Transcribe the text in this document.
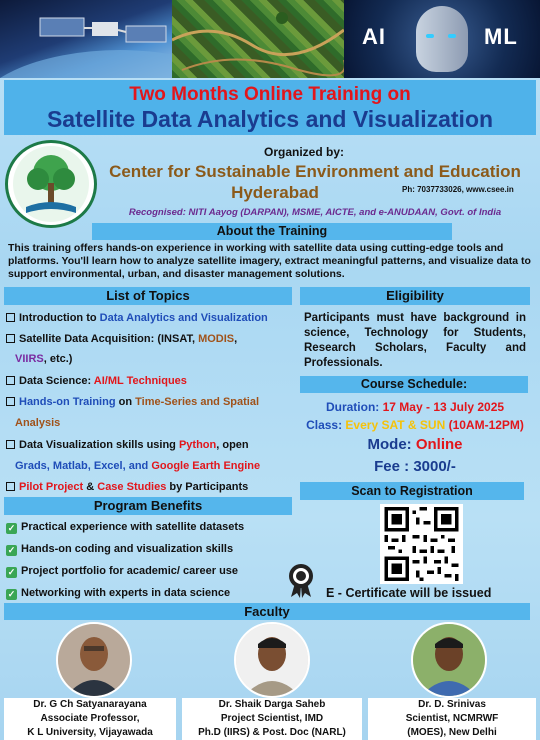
AI	ML
Two Months Online Training on
Satellite Data Analytics and Visualization
Organized by:
Center for Sustainable Environment and Education
Hyderabad	Ph: 7037733026, www.csee.in
Recognised: NITI Aayog (DARPAN), MSME, AICTE, and e-ANUDAAN, Govt. of India
About the Training
This training offers hands-on experience in working with satellite data using cutting-edge tools and platforms. You'll learn how to analyze satellite imagery, extract meaningful patterns, and visualize data to support environmental, urban, and disaster management solutions.
List of Topics	Eligibility
Introduction to Data Analytics and Visualization
Satellite Data Acquisition: (INSAT, MODIS,
VIIRS, etc.)
Data Science: AI/ML Techniques
Hands-on Training on Time-Series and Spatial
Analysis
Data Visualization skills using Python, open
Grads, Matlab, Excel, and Google Earth Engine
Pilot Project & Case Studies by Participants
Participants must have background in science, Technology for Students, Research Scholars, Faculty and Professionals.
Course Schedule:
Duration: 17 May - 13 July 2025
Class: Every SAT & SUN (10AM-12PM)
Mode: Online
Fee : 3000/-
Scan to Registration
Program Benefits
✓ Practical experience with satellite datasets
✓ Hands-on coding and visualization skills
✓ Project portfolio for academic/ career use
✓ Networking with experts in data science	E - Certificate will be issued
Faculty
Dr. G Ch Satyanarayana
Associate Professor,
K L University, Vijayawada
Dr. Shaik Darga Saheb
Project Scientist, IMD
Ph.D (IIRS) & Post. Doc (NARL)
Dr. D. Srinivas
Scientist, NCMRWF
(MOES), New Delhi
